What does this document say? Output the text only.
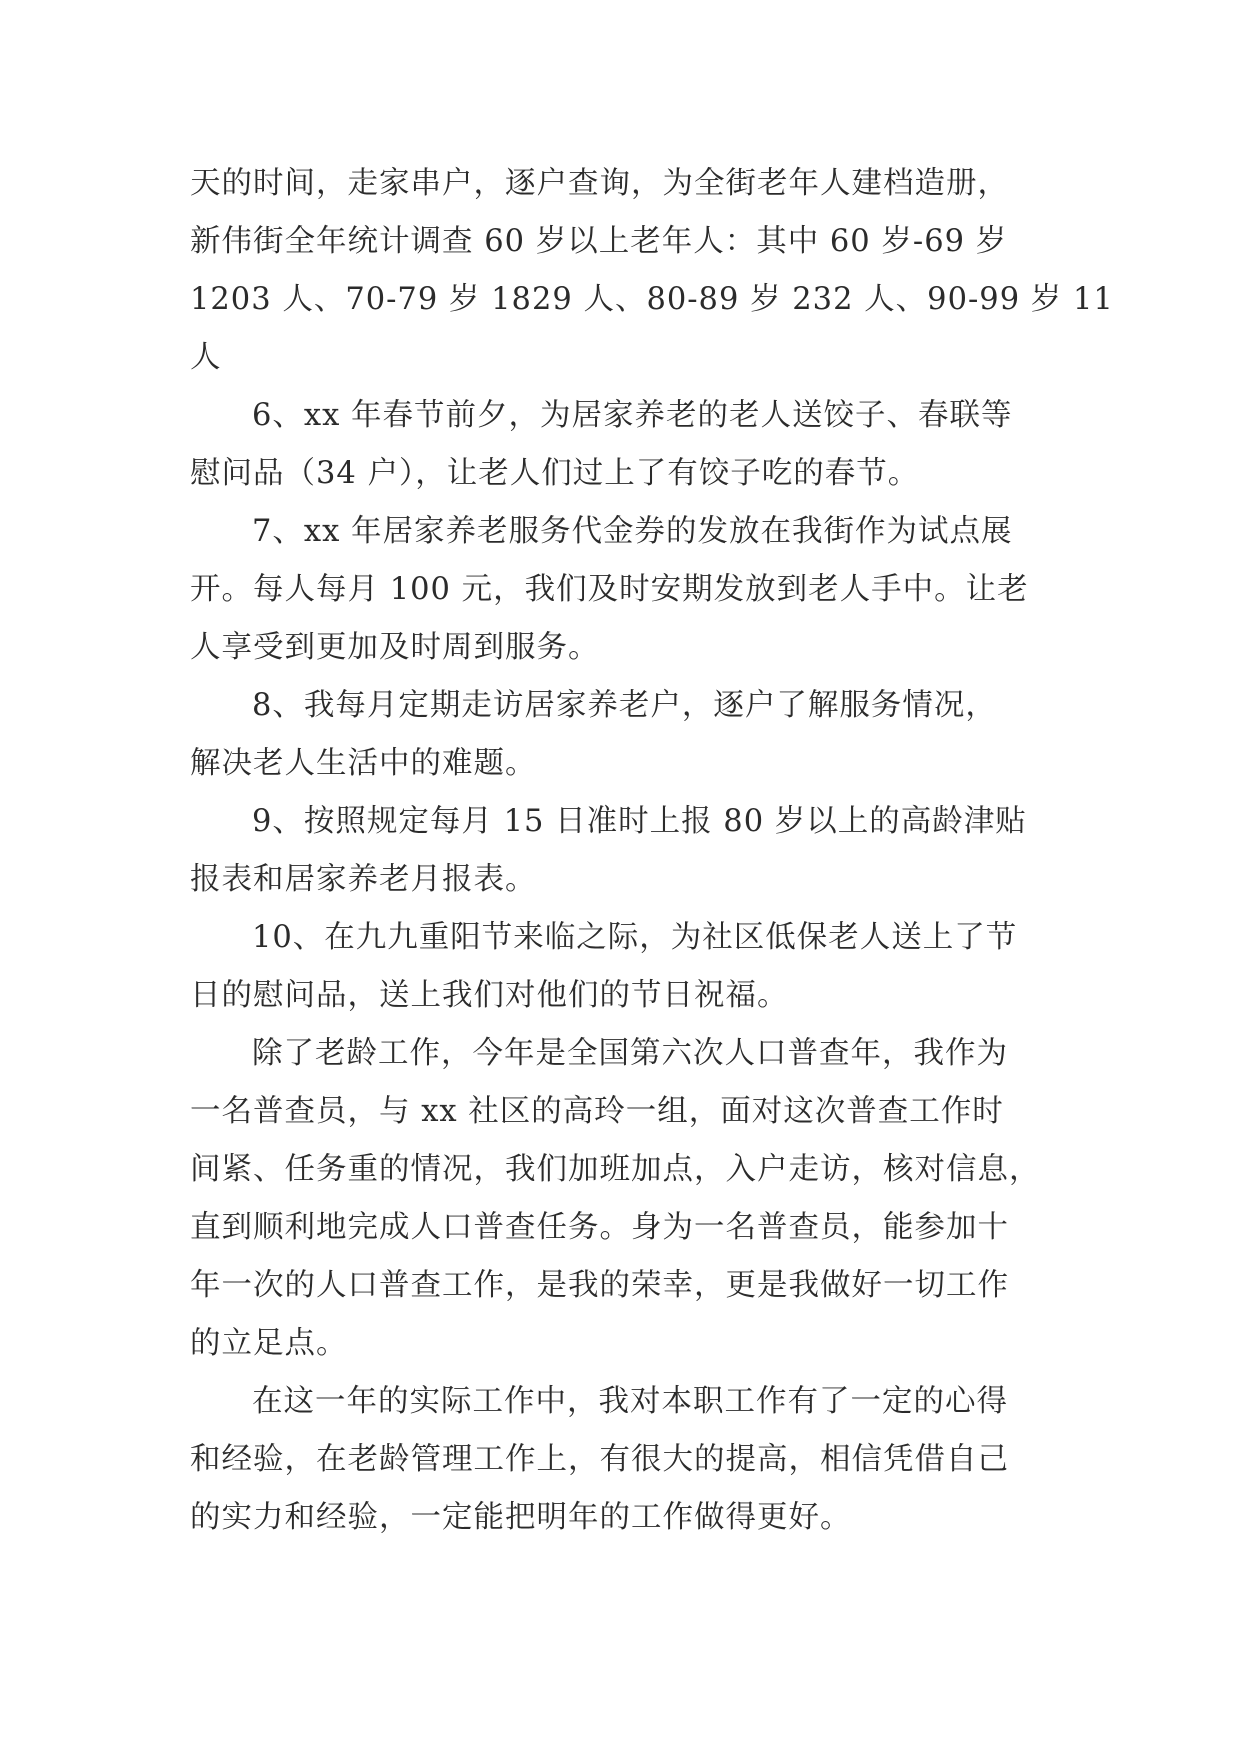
天的时间，走家串户，逐户查询，为全街老年人建档造册，
新伟街全年统计调查 60 岁以上老年人：其中 60 岁-69 岁
1203 人、70-79 岁 1829 人、80-89 岁 232 人、90-99 岁 11
人
6、xx 年春节前夕，为居家养老的老人送饺子、春联等
慰问品（34 户），让老人们过上了有饺子吃的春节。
7、xx 年居家养老服务代金券的发放在我街作为试点展
开。每人每月 100 元，我们及时安期发放到老人手中。让老
人享受到更加及时周到服务。
8、我每月定期走访居家养老户，逐户了解服务情况，
解决老人生活中的难题。
9、按照规定每月 15 日准时上报 80 岁以上的高龄津贴
报表和居家养老月报表。
10、在九九重阳节来临之际，为社区低保老人送上了节
日的慰问品，送上我们对他们的节日祝福。
除了老龄工作，今年是全国第六次人口普查年，我作为
一名普查员，与 xx 社区的高玲一组，面对这次普查工作时
间紧、任务重的情况，我们加班加点，入户走访，核对信息，
直到顺利地完成人口普查任务。身为一名普查员，能参加十
年一次的人口普查工作，是我的荣幸，更是我做好一切工作
的立足点。
在这一年的实际工作中，我对本职工作有了一定的心得
和经验，在老龄管理工作上，有很大的提高，相信凭借自己
的实力和经验，一定能把明年的工作做得更好。
